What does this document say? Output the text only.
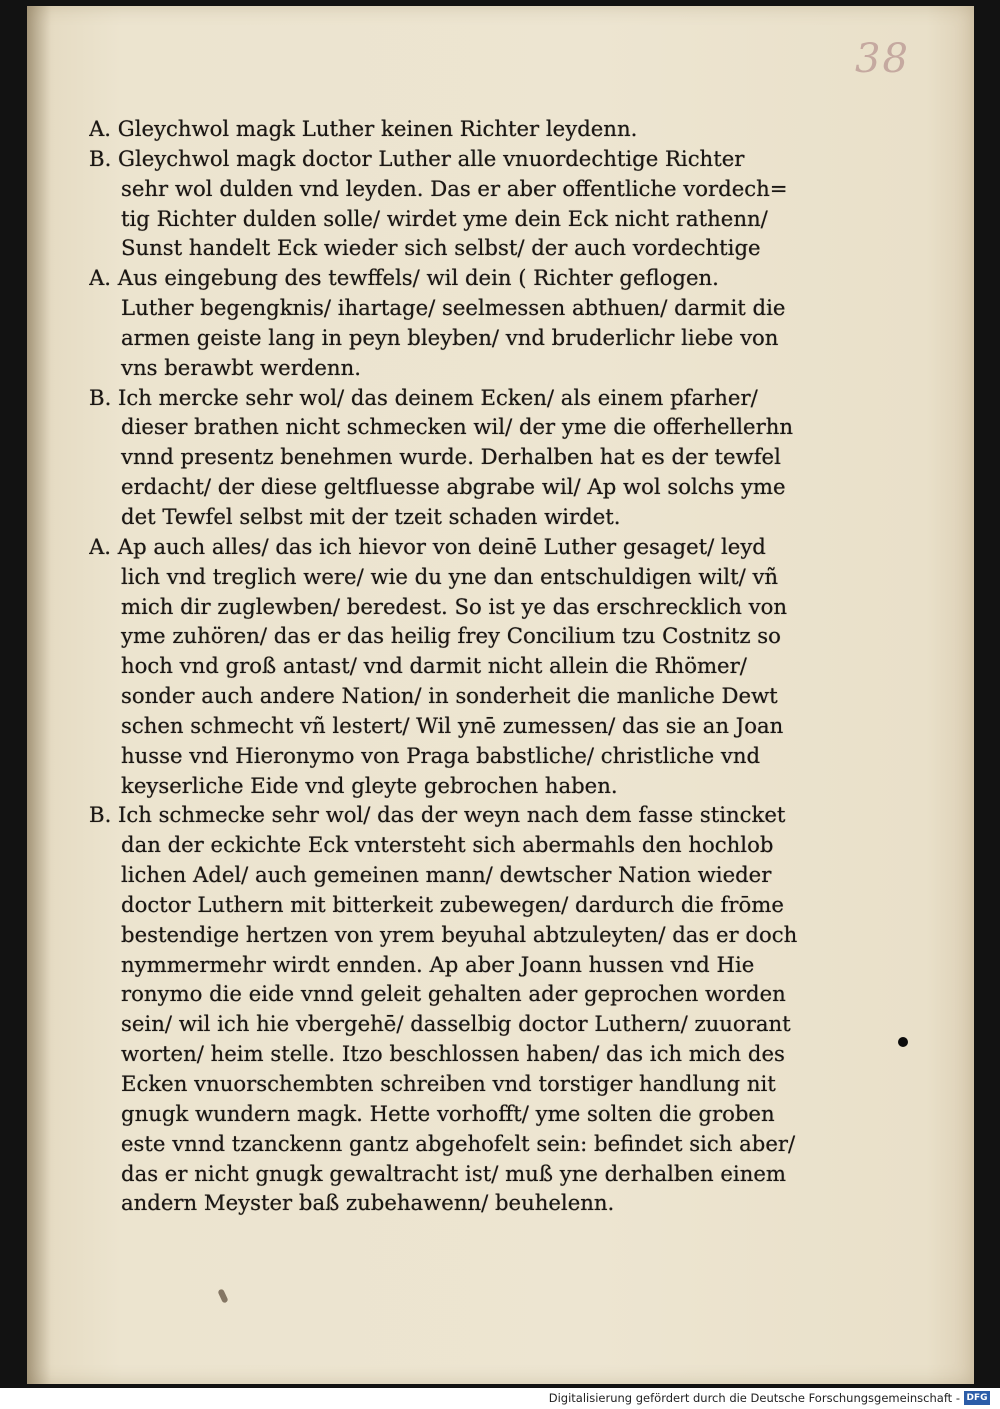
38
A. Gleychwol magk Luther keinen Richter leydenn.
B. Gleychwol magk doctor Luther alle vnuordechtige Richter
sehr wol dulden vnd leyden. Das er aber offentliche vordech=
tig Richter dulden solle/ wirdet yme dein Eck nicht rathenn/
Sunst handelt Eck wieder sich selbst/ der auch vordechtige
A. Aus eingebung des tewffels/ wil dein ( Richter geflogen.
Luther begengknis/ ihartage/ seelmessen abthuen/ darmit die
armen geiste lang in peyn bleyben/ vnd bruderlichr liebe von
vns berawbt werdenn.
B. Ich mercke sehr wol/ das deinem Ecken/ als einem pfarher/
dieser brathen nicht schmecken wil/ der yme die offerhellerhn
vnnd presentz benehmen wurde. Derhalben hat es der tewfel
erdacht/ der diese geltfluesse abgrabe wil/ Ap wol solchs yme
det Tewfel selbst mit der tzeit schaden wirdet.
A. Ap auch alles/ das ich hievor von deinē Luther gesaget/ leyd
lich vnd treglich were/ wie du yne dan entschuldigen wilt/ vñ
mich dir zuglewben/ beredest. So ist ye das erschrecklich von
yme zuhören/ das er das heilig frey Concilium tzu Costnitz so
hoch vnd groß antast/ vnd darmit nicht allein die Rhömer/
sonder auch andere Nation/ in sonderheit die manliche Dewt
schen schmecht vñ lestert/ Wil ynē zumessen/ das sie an Joan
husse vnd Hieronymo von Praga babstliche/ christliche vnd
keyserliche Eide vnd gleyte gebrochen haben.
B. Ich schmecke sehr wol/ das der weyn nach dem fasse stincket
dan der eckichte Eck vntersteht sich abermahls den hochlob
lichen Adel/ auch gemeinen mann/ dewtscher Nation wieder
doctor Luthern mit bitterkeit zubewegen/ dardurch die frōme
bestendige hertzen von yrem beyuhal abtzuleyten/ das er doch
nymmermehr wirdt ennden. Ap aber Joann hussen vnd Hie
ronymo die eide vnnd geleit gehalten ader geprochen worden
sein/ wil ich hie vbergehē/ dasselbig doctor Luthern/ zuuorant
worten/ heim stelle. Itzo beschlossen haben/ das ich mich des
Ecken vnuorschembten schreiben vnd torstiger handlung nit
gnugk wundern magk. Hette vorhofft/ yme solten die groben
este vnnd tzanckenn gantz abgehofelt sein: befindet sich aber/
das er nicht gnugk gewaltracht ist/ muß yne derhalben einem
andern Meyster baß zubehawenn/ beuhelenn.
Digitalisierung gefördert durch die Deutsche Forschungsgemeinschaft - DFG
